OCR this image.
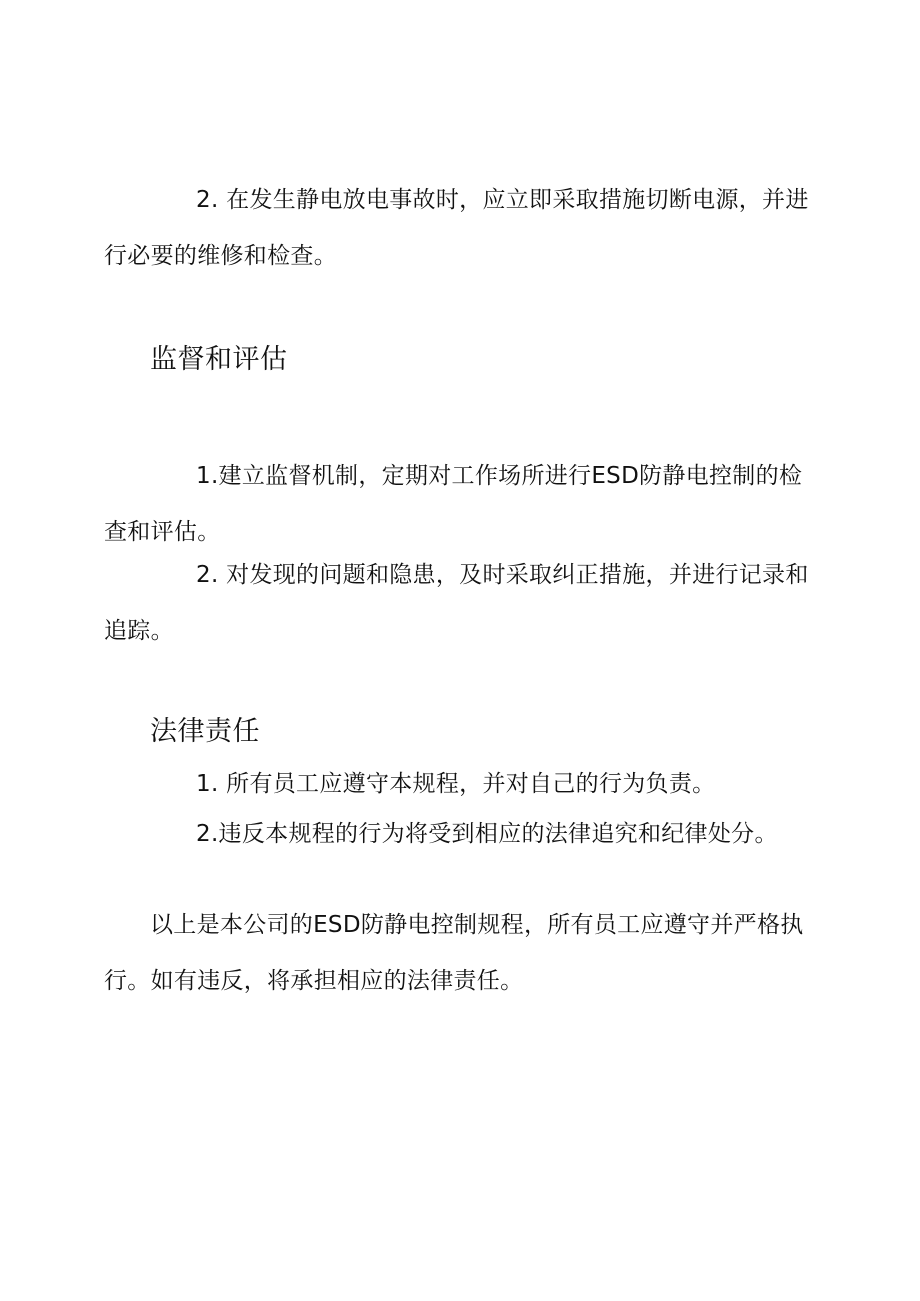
2. 在发生静电放电事故时，应立即采取措施切断电源，并进行必要的维修和检查。

监督和评估

1.建立监督机制，定期对工作场所进行ESD防静电控制的检查和评估。

2. 对发现的问题和隐患，及时采取纠正措施，并进行记录和追踪。

法律责任

1. 所有员工应遵守本规程，并对自己的行为负责。

2.违反本规程的行为将受到相应的法律追究和纪律处分。

以上是本公司的ESD防静电控制规程，所有员工应遵守并严格执行。如有违反，将承担相应的法律责任。
